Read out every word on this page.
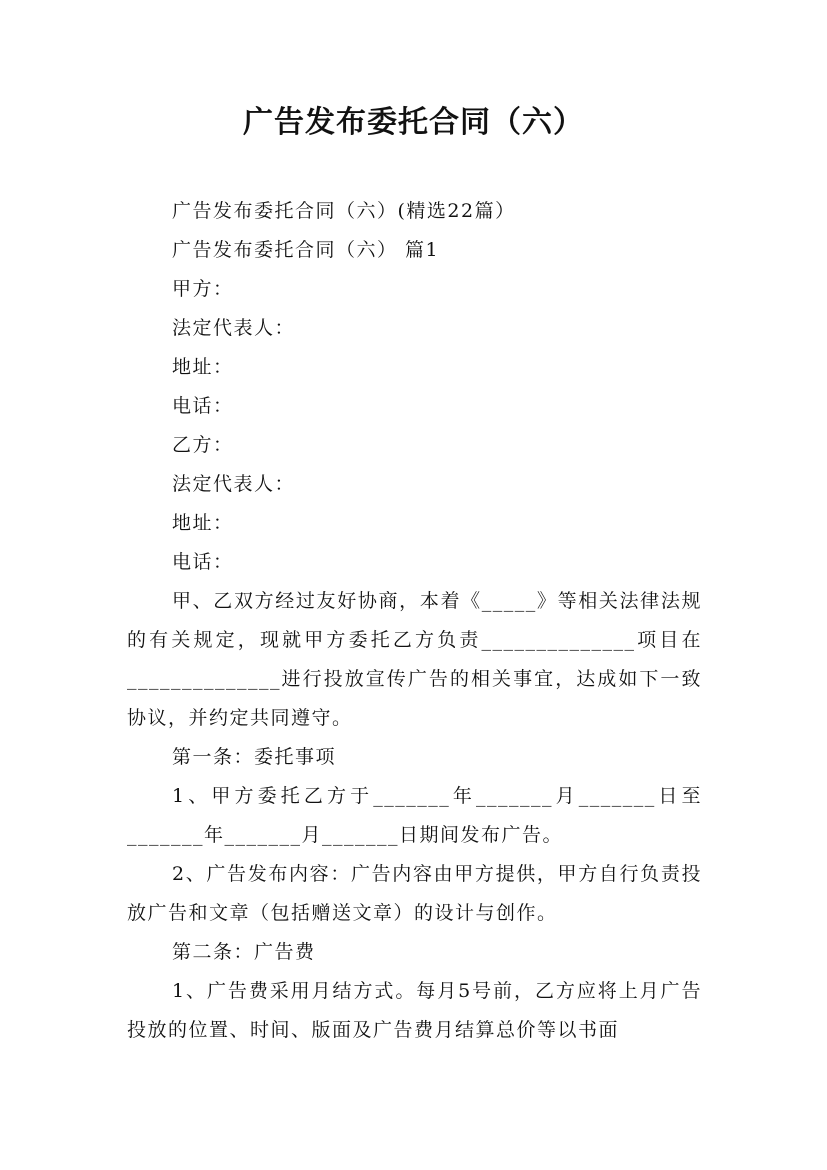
广告发布委托合同（六）
广告发布委托合同（六）(精选22篇）
广告发布委托合同（六） 篇1
甲方：
法定代表人：
地址：
电话：
乙方：
法定代表人：
地址：
电话：
甲、乙双方经过友好协商，本着《_____》等相关法律法规的有关规定，现就甲方委托乙方负责______________项目在______________进行投放宣传广告的相关事宜，达成如下一致协议，并约定共同遵守。
第一条：委托事项
1、甲方委托乙方于_______年_______月_______日至_______年_______月_______日期间发布广告。
2、广告发布内容：广告内容由甲方提供，甲方自行负责投放广告和文章（包括赠送文章）的设计与创作。
第二条：广告费
1、广告费采用月结方式。每月5号前，乙方应将上月广告投放的位置、时间、版面及广告费月结算总价等以书面
